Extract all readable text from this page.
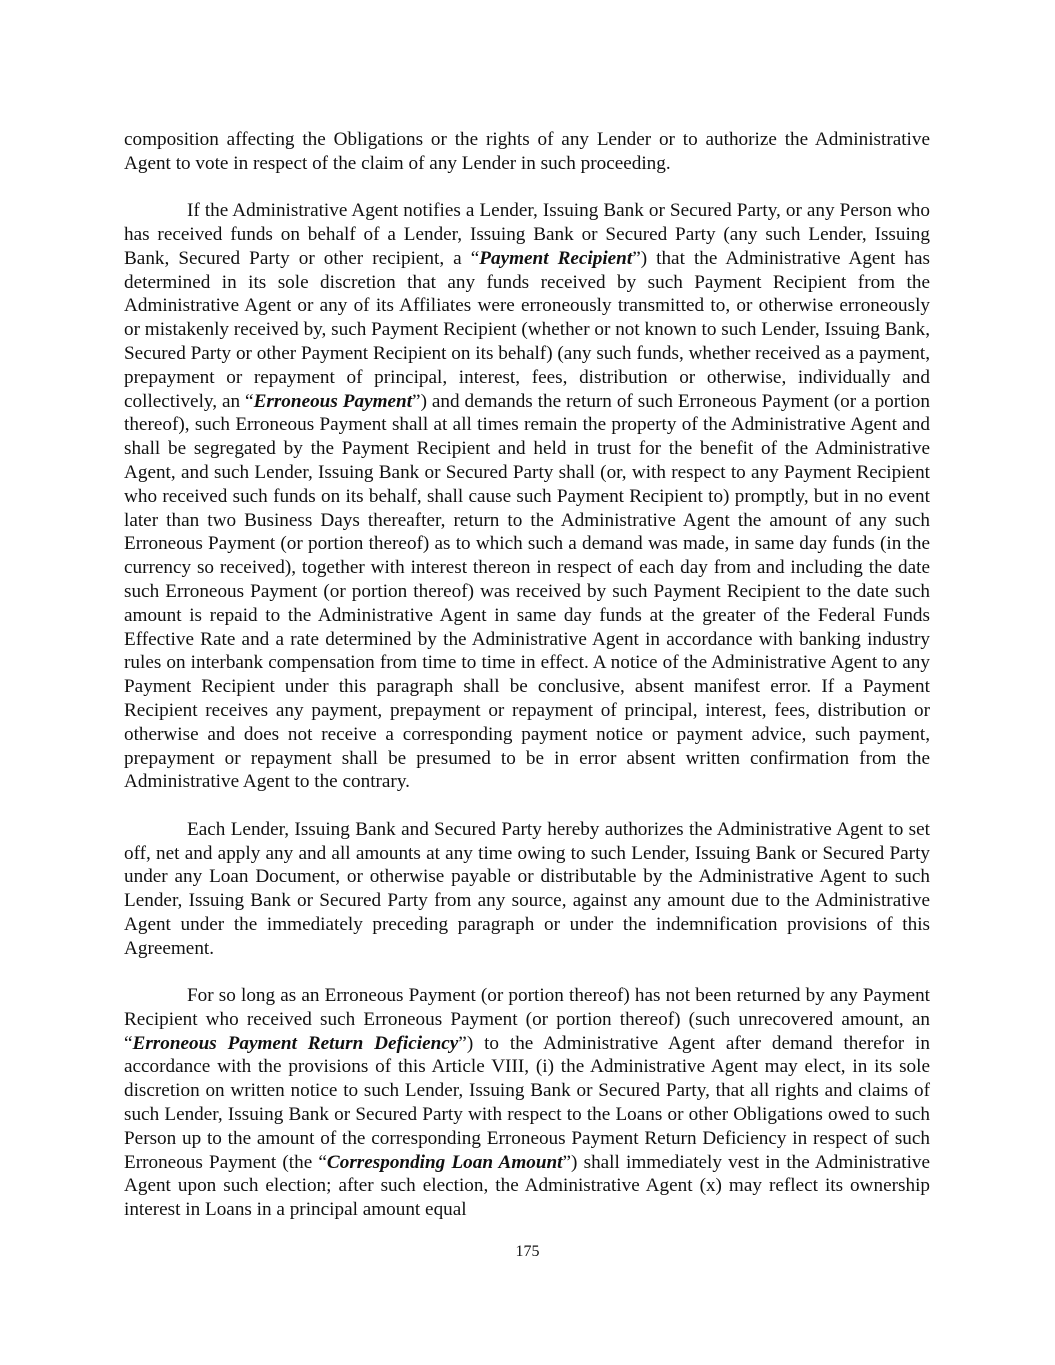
composition affecting the Obligations or the rights of any Lender or to authorize the Administrative Agent to vote in respect of the claim of any Lender in such proceeding.

If the Administrative Agent notifies a Lender, Issuing Bank or Secured Party, or any Person who has received funds on behalf of a Lender, Issuing Bank or Secured Party (any such Lender, Issuing Bank, Secured Party or other recipient, a “Payment Recipient”) that the Administrative Agent has determined in its sole discretion that any funds received by such Payment Recipient from the Administrative Agent or any of its Affiliates were erroneously transmitted to, or otherwise erroneously or mistakenly received by, such Payment Recipient (whether or not known to such Lender, Issuing Bank, Secured Party or other Payment Recipient on its behalf) (any such funds, whether received as a payment, prepayment or repayment of principal, interest, fees, distribution or otherwise, individually and collectively, an “Erroneous Payment”) and demands the return of such Erroneous Payment (or a portion thereof), such Erroneous Payment shall at all times remain the property of the Administrative Agent and shall be segregated by the Payment Recipient and held in trust for the benefit of the Administrative Agent, and such Lender, Issuing Bank or Secured Party shall (or, with respect to any Payment Recipient who received such funds on its behalf, shall cause such Payment Recipient to) promptly, but in no event later than two Business Days thereafter, return to the Administrative Agent the amount of any such Erroneous Payment (or portion thereof) as to which such a demand was made, in same day funds (in the currency so received), together with interest thereon in respect of each day from and including the date such Erroneous Payment (or portion thereof) was received by such Payment Recipient to the date such amount is repaid to the Administrative Agent in same day funds at the greater of the Federal Funds Effective Rate and a rate determined by the Administrative Agent in accordance with banking industry rules on interbank compensation from time to time in effect. A notice of the Administrative Agent to any Payment Recipient under this paragraph shall be conclusive, absent manifest error. If a Payment Recipient receives any payment, prepayment or repayment of principal, interest, fees, distribution or otherwise and does not receive a corresponding payment notice or payment advice, such payment, prepayment or repayment shall be presumed to be in error absent written confirmation from the Administrative Agent to the contrary.

Each Lender, Issuing Bank and Secured Party hereby authorizes the Administrative Agent to set off, net and apply any and all amounts at any time owing to such Lender, Issuing Bank or Secured Party under any Loan Document, or otherwise payable or distributable by the Administrative Agent to such Lender, Issuing Bank or Secured Party from any source, against any amount due to the Administrative Agent under the immediately preceding paragraph or under the indemnification provisions of this Agreement.

For so long as an Erroneous Payment (or portion thereof) has not been returned by any Payment Recipient who received such Erroneous Payment (or portion thereof) (such unrecovered amount, an “Erroneous Payment Return Deficiency”) to the Administrative Agent after demand therefor in accordance with the provisions of this Article VIII, (i) the Administrative Agent may elect, in its sole discretion on written notice to such Lender, Issuing Bank or Secured Party, that all rights and claims of such Lender, Issuing Bank or Secured Party with respect to the Loans or other Obligations owed to such Person up to the amount of the corresponding Erroneous Payment Return Deficiency in respect of such Erroneous Payment (the “Corresponding Loan Amount”) shall immediately vest in the Administrative Agent upon such election; after such election, the Administrative Agent (x) may reflect its ownership interest in Loans in a principal amount equal

175
